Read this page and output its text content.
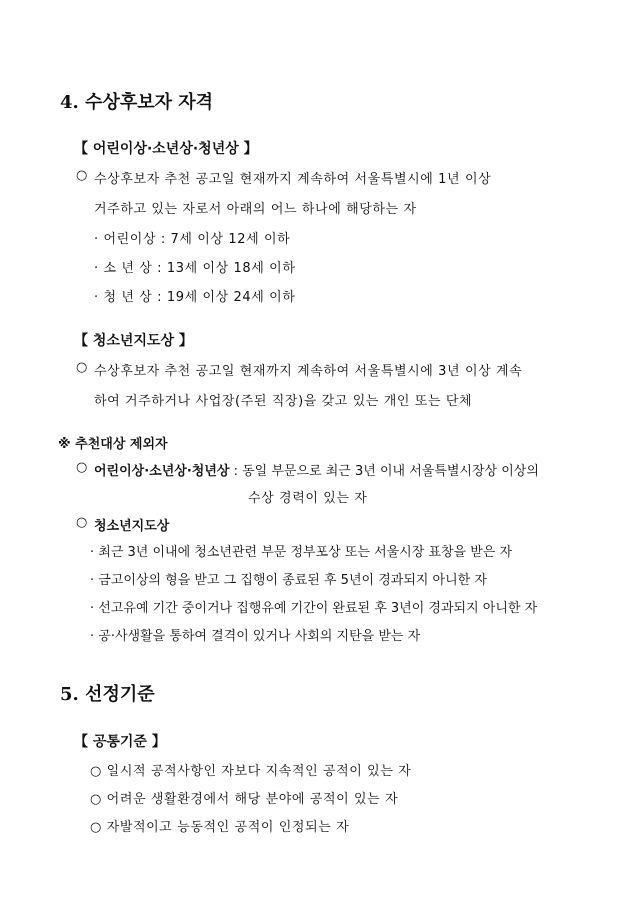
4. 수상후보자 자격
【 어린이상·소년상·청년상 】
○ 수상후보자 추천 공고일 현재까지 계속하여 서울특별시에 1년 이상
거주하고 있는 자로서 아래의 어느 하나에 해당하는 자
· 어린이상 : 7세 이상 12세 이하
· 소 년 상 : 13세 이상 18세 이하
· 청 년 상 : 19세 이상 24세 이하
【 청소년지도상 】
○ 수상후보자 추천 공고일 현재까지 계속하여 서울특별시에 3년 이상 계속
하여 거주하거나 사업장(주된 직장)을 갖고 있는 개인 또는 단체
※ 추천대상 제외자
○ 어린이상·소년상·청년상 : 동일 부문으로 최근 3년 이내 서울특별시장상 이상의
수상 경력이 있는 자
○ 청소년지도상
· 최근 3년 이내에 청소년관련 부문 정부포상 또는 서울시장 표창을 받은 자
· 금고이상의 형을 받고 그 집행이 종료된 후 5년이 경과되지 아니한 자
· 선고유예 기간 중이거나 집행유예 기간이 완료된 후 3년이 경과되지 아니한 자
· 공·사생활을 통하여 결격이 있거나 사회의 지탄을 받는 자
5. 선정기준
【 공통기준 】
○ 일시적 공적사항인 자보다 지속적인 공적이 있는 자
○ 어려운 생활환경에서 해당 분야에 공적이 있는 자
○ 자발적이고 능동적인 공적이 인정되는 자
